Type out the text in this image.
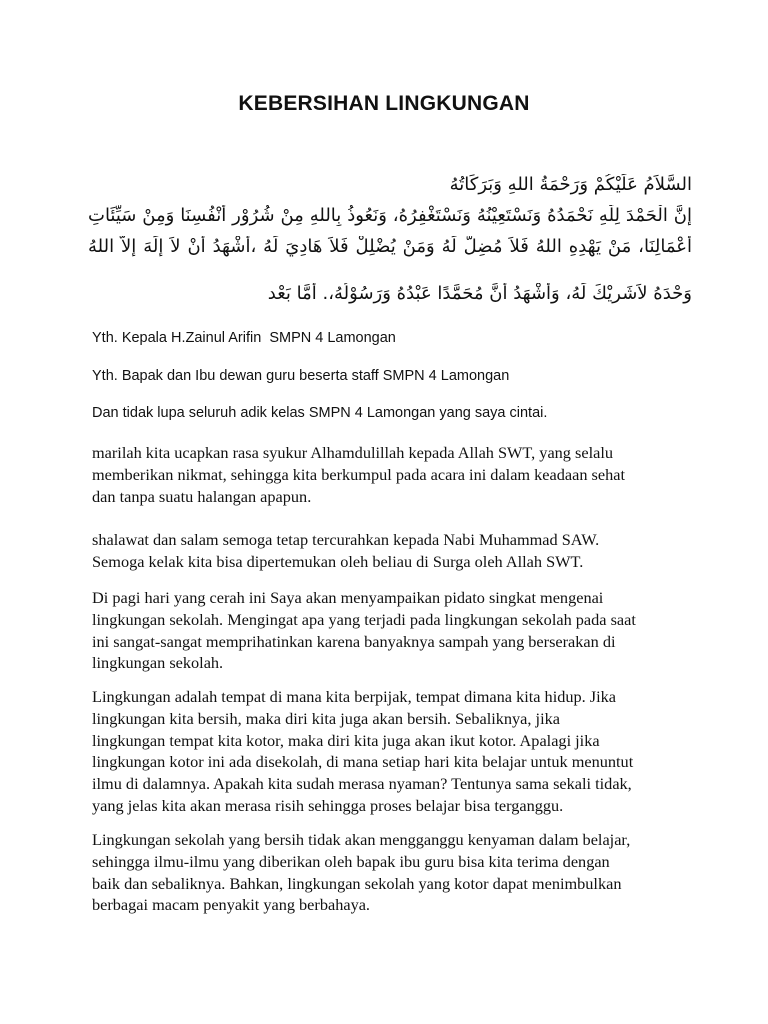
KEBERSIHAN LINGKUNGAN
السَّلاَمُ عَلَيْكُمْ وَرَحْمَةُ اللهِ وَبَرَكَاتُهُ
إِنَّ الْحَمْدَ لِلّٰهِ نَحْمَدُهُ وَنَسْتَعِيْنُهُ وَنَسْتَغْفِرُهُ، وَنَعُوذُ بِاللهِ مِنْ شُرُوْرِ أَنْفُسِنَا وَمِنْ سَيِّئَاتِ
أَعْمَالِنَا، مَنْ يَهْدِهِ اللهُ فَلاَ مُضِلَّ لَهُ وَمَنْ يُضْلِلْ فَلاَ هَادِيَ لَهُ ،أَشْهَدُ أَنْ لاَ إِلَهَ إِلاَّ اللهُ
وَحْدَهُ لاَشَرِيْكَ لَهُ، وَأَشْهَدُ أَنَّ مُحَمَّدًا عَبْدُهُ وَرَسُوْلُهُ،. أَمَّا بَعْد
Yth. Kepala H.Zainul Arifin  SMPN 4 Lamongan
Yth. Bapak dan Ibu dewan guru beserta staff SMPN 4 Lamongan
Dan tidak lupa seluruh adik kelas SMPN 4 Lamongan yang saya cintai.

marilah kita ucapkan rasa syukur Alhamdulillah kepada Allah SWT, yang selalu
memberikan nikmat, sehingga kita berkumpul pada acara ini dalam keadaan sehat
dan tanpa suatu halangan apapun.

shalawat dan salam semoga tetap tercurahkan kepada Nabi Muhammad SAW.
Semoga kelak kita bisa dipertemukan oleh beliau di Surga oleh Allah SWT.

Di pagi hari yang cerah ini Saya akan menyampaikan pidato singkat mengenai
lingkungan sekolah. Mengingat apa yang terjadi pada lingkungan sekolah pada saat
ini sangat-sangat memprihatinkan karena banyaknya sampah yang berserakan di
lingkungan sekolah.

Lingkungan adalah tempat di mana kita berpijak, tempat dimana kita hidup. Jika
lingkungan kita bersih, maka diri kita juga akan bersih. Sebaliknya, jika
lingkungan tempat kita kotor, maka diri kita juga akan ikut kotor. Apalagi jika
lingkungan kotor ini ada disekolah, di mana setiap hari kita belajar untuk menuntut
ilmu di dalamnya. Apakah kita sudah merasa nyaman? Tentunya sama sekali tidak,
yang jelas kita akan merasa risih sehingga proses belajar bisa terganggu.

Lingkungan sekolah yang bersih tidak akan mengganggu kenyaman dalam belajar,
sehingga ilmu-ilmu yang diberikan oleh bapak ibu guru bisa kita terima dengan
baik dan sebaliknya. Bahkan, lingkungan sekolah yang kotor dapat menimbulkan
berbagai macam penyakit yang berbahaya.
